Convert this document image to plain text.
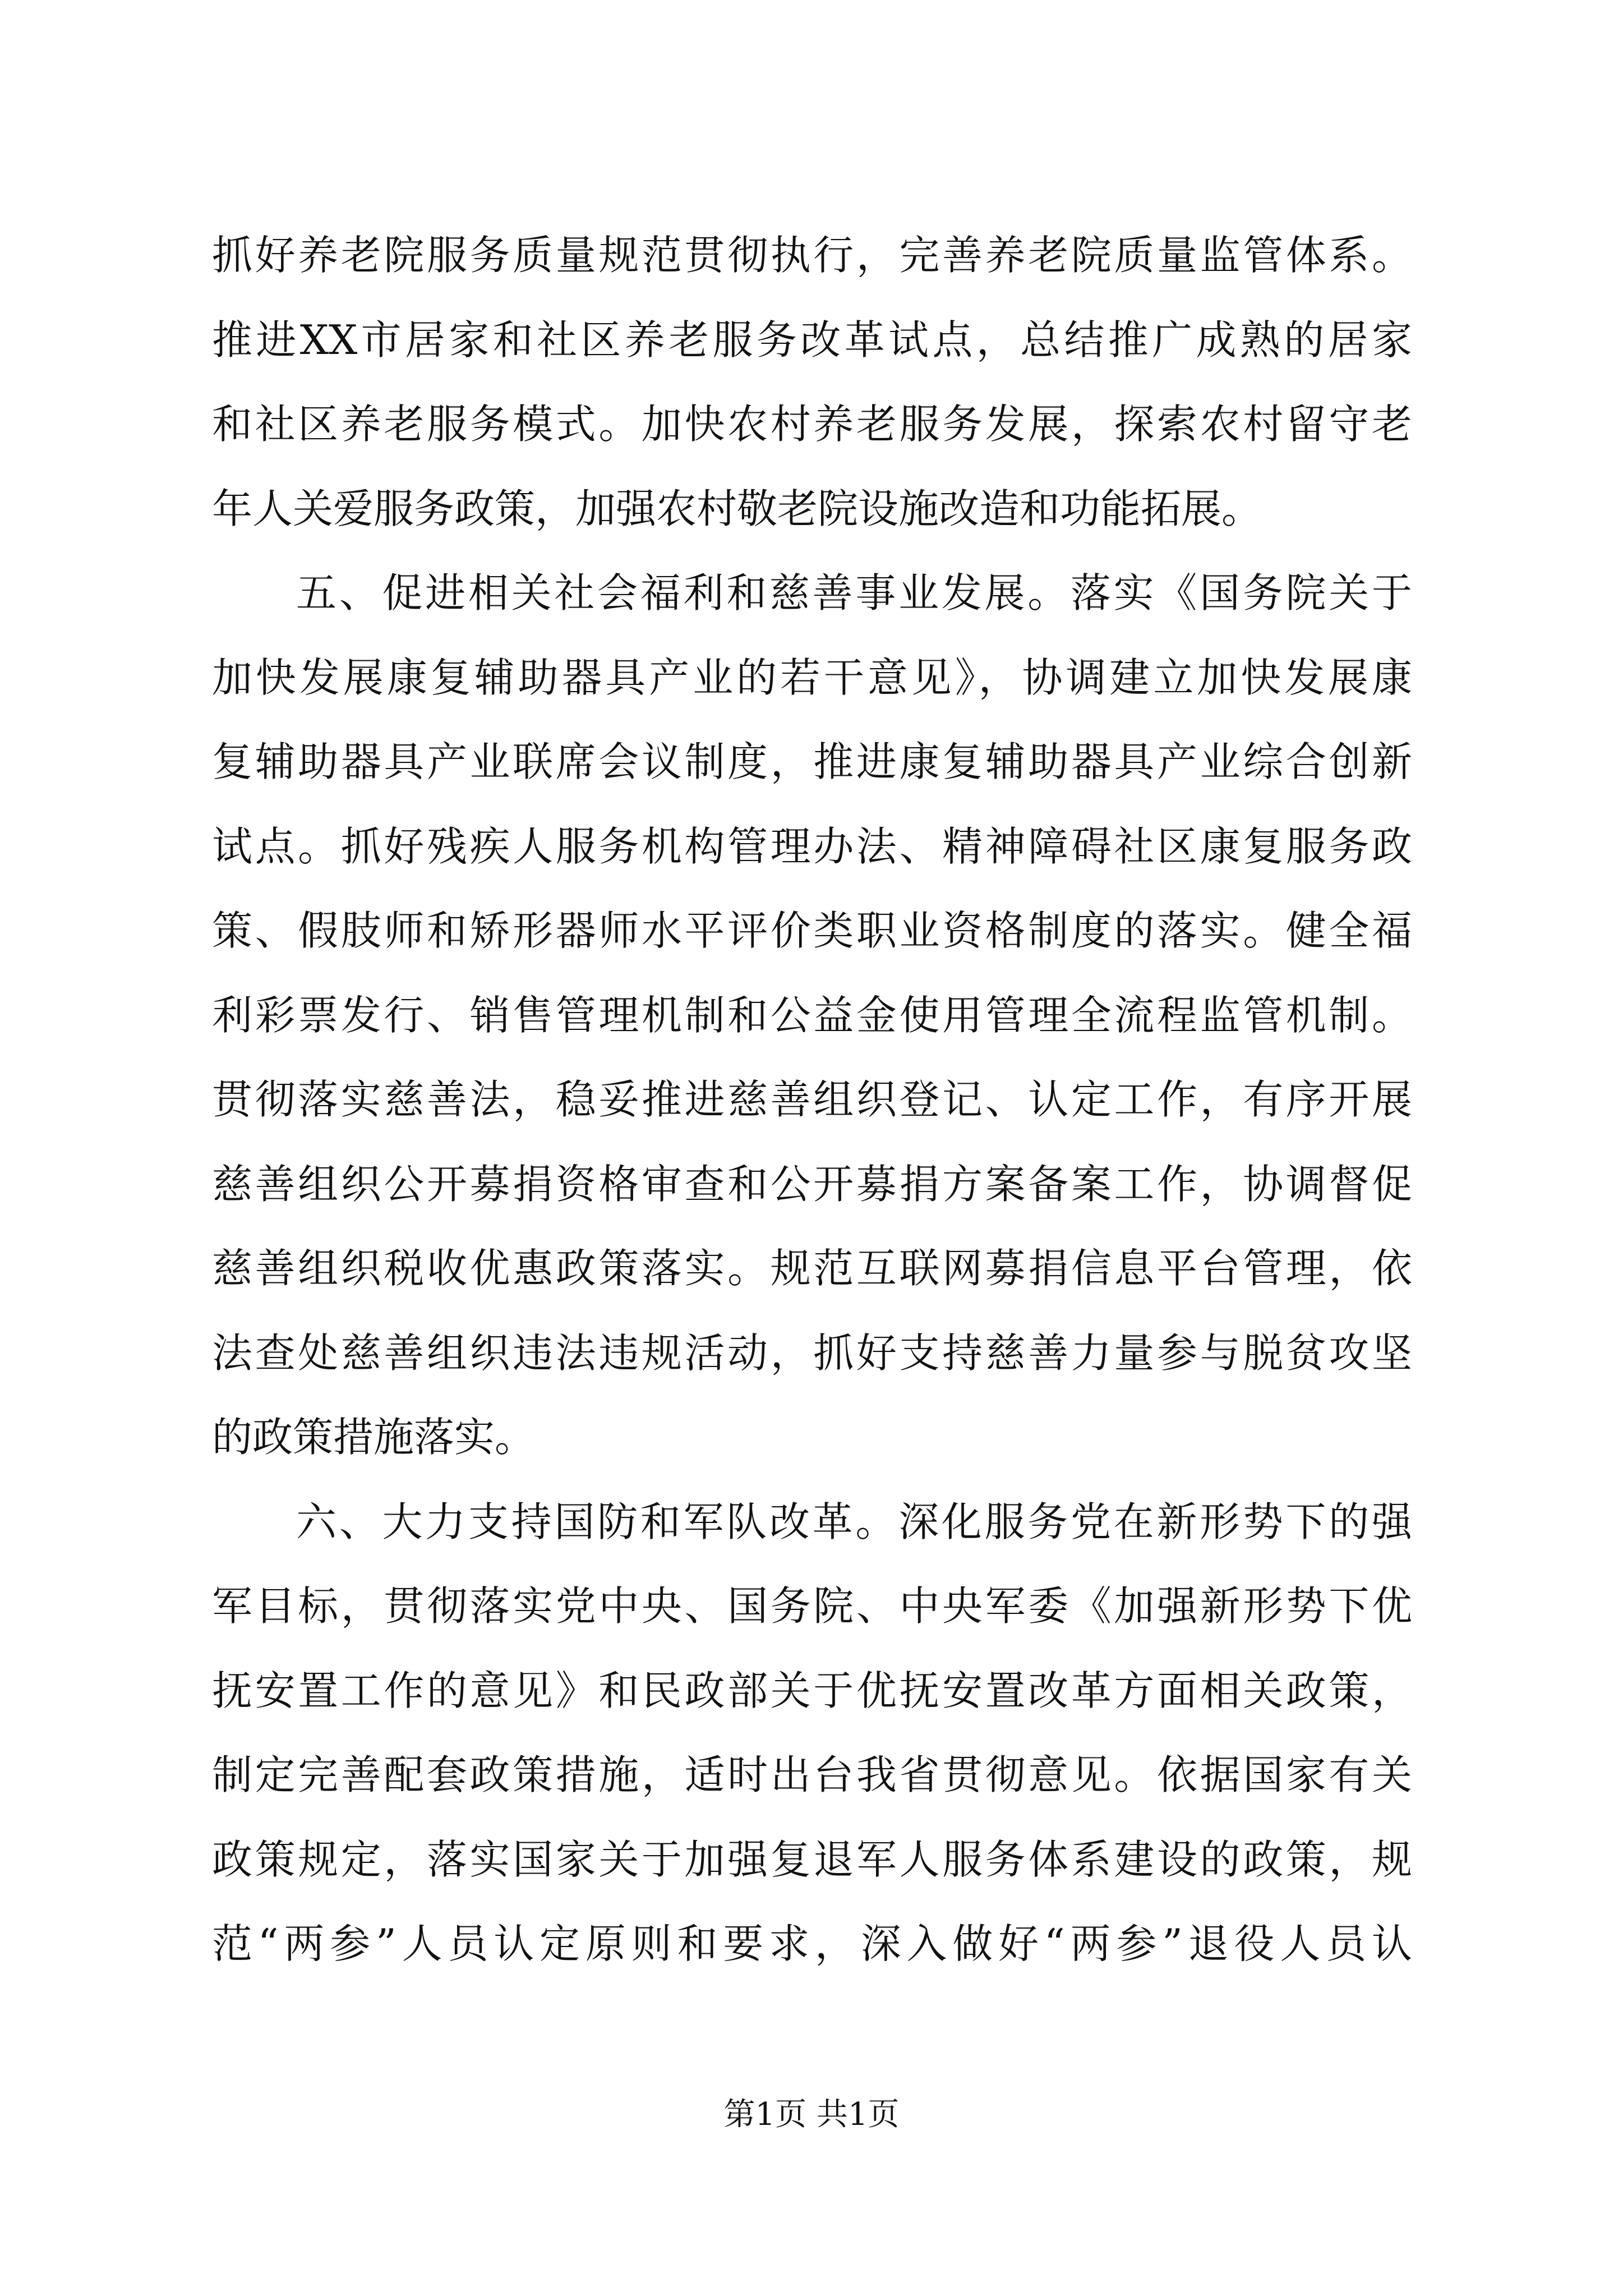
抓好养老院服务质量规范贯彻执行，完善养老院质量监管体系。
推进XX市居家和社区养老服务改革试点，总结推广成熟的居家
和社区养老服务模式。加快农村养老服务发展，探索农村留守老
年人关爱服务政策，加强农村敬老院设施改造和功能拓展。
五、促进相关社会福利和慈善事业发展。落实《国务院关于
加快发展康复辅助器具产业的若干意见》，协调建立加快发展康
复辅助器具产业联席会议制度，推进康复辅助器具产业综合创新
试点。抓好残疾人服务机构管理办法、精神障碍社区康复服务政
策、假肢师和矫形器师水平评价类职业资格制度的落实。健全福
利彩票发行、销售管理机制和公益金使用管理全流程监管机制。
贯彻落实慈善法，稳妥推进慈善组织登记、认定工作，有序开展
慈善组织公开募捐资格审查和公开募捐方案备案工作，协调督促
慈善组织税收优惠政策落实。规范互联网募捐信息平台管理，依
法查处慈善组织违法违规活动，抓好支持慈善力量参与脱贫攻坚
的政策措施落实。
六、大力支持国防和军队改革。深化服务党在新形势下的强
军目标，贯彻落实党中央、国务院、中央军委《加强新形势下优
抚安置工作的意见》和民政部关于优抚安置改革方面相关政策，
制定完善配套政策措施，适时出台我省贯彻意见。依据国家有关
政策规定，落实国家关于加强复退军人服务体系建设的政策，规
范“两参”人员认定原则和要求，深入做好“两参”退役人员认
第1页 共1页
